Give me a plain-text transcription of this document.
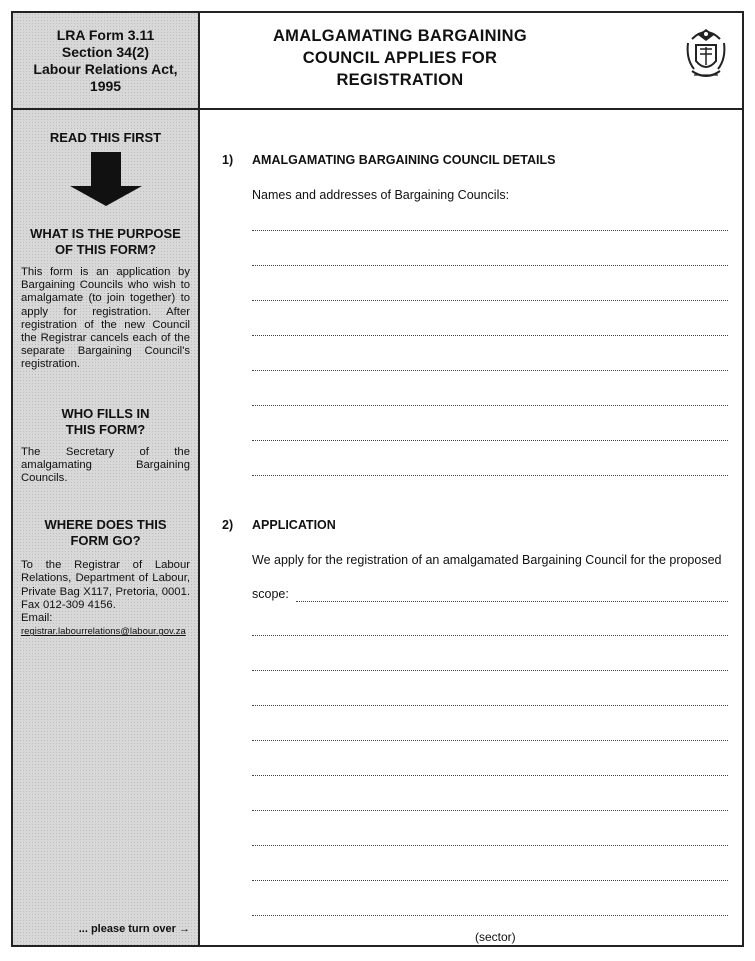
LRA Form 3.11
Section 34(2)
Labour Relations Act,
1995
READ THIS FIRST
WHAT IS THE PURPOSE OF THIS FORM?
This form is an application by Bargaining Councils who wish to amalgamate (to join together) to apply for registration. After registration of the new Council the Registrar cancels each of the separate Bargaining Council's registration.
WHO FILLS IN
THIS FORM?
The Secretary of the amalgamating Bargaining Councils.
WHERE DOES THIS
FORM GO?
To the Registrar of Labour Relations, Department of Labour, Private Bag X117, Pretoria, 0001. Fax 012-309 4156.
Email:
registrar.labourrelations@labour.gov.za
... please turn over →
AMALGAMATING BARGAINING
COUNCIL APPLIES FOR
REGISTRATION
1) AMALGAMATING BARGAINING COUNCIL DETAILS
Names and addresses of Bargaining Councils:
2) APPLICATION
We apply for the registration of an amalgamated Bargaining Council for the proposed
scope:
(sector)
